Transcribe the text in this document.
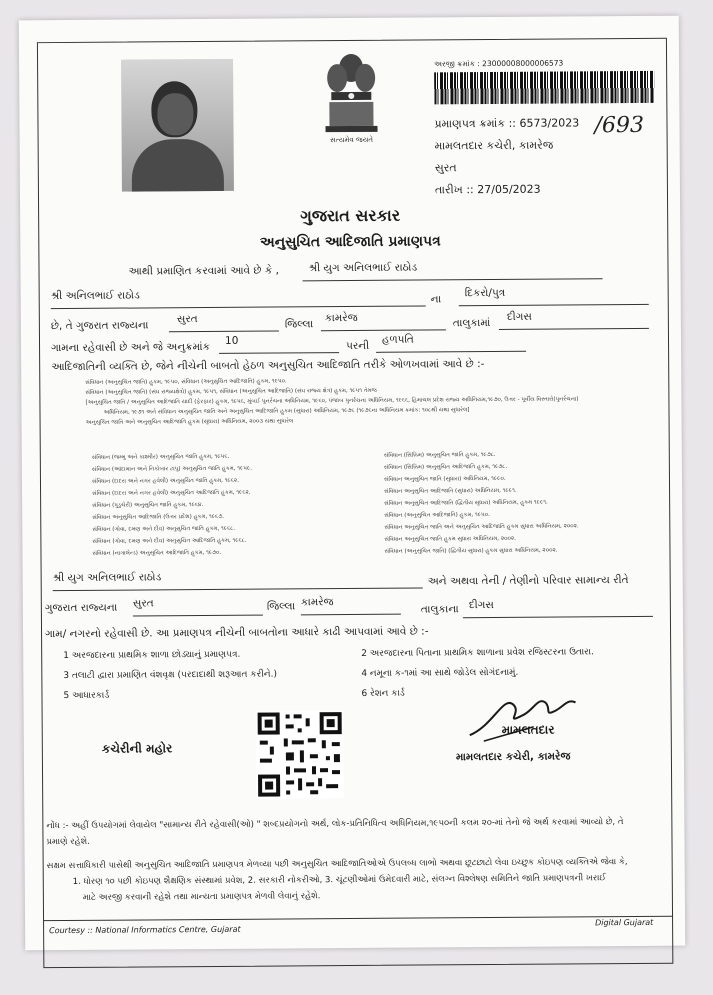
સત્યમેવ જયતે
અરજી ક્રમાંક : 23000008000006573
પ્રમાણપત્ર ક્રમાંક :: 6573/2023
મામલતદાર કચેરી, કામરેજ
સુરત
તારીખ :: 27/05/2023
/693
ગુજરાત સરકાર
અનુસુચિત આદિજાતિ પ્રમાણપત્ર
આથી પ્રમાણિત કરવામાં આવે છે કે ,	શ્રી યુગ અનિલભાઈ રાઠોડ
શ્રી અનિલભાઈ રાઠોડ	ના
દિકરો/પુત્ર
છે, તે ગુજરાત રાજ્યના
સુરત	જિલ્લા
કામરેજ	તાલુકામાં
દીગસ
ગામના રહેવાસી છે અને જે અનુક્રમાંક
10	પરની
હળપતિ
આદિજાતિની વ્યક્તિ છે, જેને નીચેની બાબતો હેઠળ અનુસુચિત આદિજાતિ તરીકે ઓળખવામાં આવે છે :-
સંવિધાન (અનુસુચિત જાતિ) હુકમ, ૧૯૫૦, સંવિધાન (અનુસુચિત આદિજાતિ) હુકમ, ૧૯૫૦.
સંવિધાન (અનુસુચિત જાતિ) (સંઘ રાજ્યક્ષેત્રો) હુકમ, ૧૯૫૧, સંવિધાન (અનુસુચિત આદિજાતિ) (સંઘ રાજ્ય ક્ષેત્ર) હુકમ, ૧૯૫૧ તેમજ
[અનુસુચિત જાતિ / અનુસુચિત આદિજાતિ યાદી (ફેરફાર) હુકમ, ૧૯૫૬, મુંબઈ પુનર્રચના અધિનિયમ, ૧૯૬૦, પંજાબ પુનર્રચના અધિનિયમ, ૧૯૬૬, હિમાચલ પ્રદેશ રાજ્ય અધિનિયમ,૧૯૭૦, ઉત્તર - પૂર્વીય વિસ્તારો(પુનર્રચના)
અધિનિયમ, ૧૯૭૧ અને સંવિધાન અનુસુચિત જાતિ અને અનુસુચિત આદિજાતિ હુકમ (સુધારા) અધિનિયમ, ૧૯૭૬ (૧૯૭૬ના અધિનિયમ ક્રમાંક: ૧૦૮થી યથા સુધારેલ]
અનુસુચિત જાતિ અને અનુસુચિત આદિજાતિ હુકમ (સુધારા) અધિનિયમ, ૨૦૦૩ યથા સુધારેલ
સંવિધાન (જમ્મુ અને કાશ્મીર) અનુસુચિત જાતિ હુકમ, ૧૯૫૬.
સંવિધાન (આંદામાન અને નિકોબાર ટાપુ) અનુસુચિત જાતિ હુકમ, ૧૯૫૯.
સંવિધાન (દાદરા અને નગર હવેલી) અનુસુચિત જાતિ હુકમ, ૧૯૬૨.
સંવિધાન (દાદરા અને નગર હવેલી) અનુસુચિત આદિજાતિ હુકમ, ૧૯૬૨.
સંવિધાન (પુડુચેરી) અનુસુચિત જાતિ હુકમ, ૧૯૬૪.
સંવિધાન અનુસુચિત આદિજાતિ (ઉત્તર પ્રદેશ) હુકમ, ૧૯૬૭.
સંવિધાન (ગોવા, દમણ અને દીવ) અનુસુચિત જાતિ હુકમ, ૧૯૬૮.
સંવિધાન (ગોવા, દમણ અને દીવ) અનુસુચિત આદિજાતિ હુકમ, ૧૯૬૮.
સંવિધાન (નાગાલેન્ડ) અનુસુચિત આદિજાતિ હુકમ, ૧૯૭૦.
સંવિધાન (સિક્કિમ) અનુસુચિત જાતિ હુકમ, ૧૯૭૮.
સંવિધાન (સિક્કિમ) અનુસુચિત આદિજાતિ હુકમ, ૧૯૭૮.
સંવિધાન અનુસુચિત જાતિ (સુધારા) અધિનિયમ, ૧૯૯૦.
સંવિધાન અનુસુચિત આદિજાતિ (સુધારા) અધિનિયમ, ૧૯૯૧.
સંવિધાન અનુસુચિત આદિજાતિ (દ્વિતીય સુધારા) અધિનિયમ, હુકમ ૧૯૯૧.
સંવિધાન (અનુસુચિત આદિજાતિ) હુકમ, ૧૯૫૦.
સંવિધાન અનુસુચિત જાતિ અને અનુસુચિત આદિજાતિ હુકમ સુધારા અધિનિયમ, ૨૦૦૨.
સંવિધાન અનુસુચિત જાતિ હુકમ સુધારા અધિનિયમ, ૨૦૦૨.
સંવિધાન (અનુસુચિત જાતિ) (દ્વિતીય સુધારા) હુકમ સુધારા અધિનિયમ, ૨૦૦૨.
શ્રી યુગ અનિલભાઈ રાઠોડ	અને અથવા તેની / તેણીનો પરિવાર સામાન્ય રીતે
ગુજરાત રાજ્યના સુરત	જિલ્લા કામરેજ
તાલુકાના દીગસ
ગામ/ નગરનો રહેવાસી છે. આ પ્રમાણપત્ર નીચેની બાબતોના આધારે કાઢી આપવામાં આવે છે :-
1 અરજદારના પ્રાથમિક શાળા છોડ્યાનું પ્રમાણપત્ર.
3 તલાટી દ્વારા પ્રમાણિત વંશવૃક્ષ (પરદાદાથી શરૂઆત કરીને.)
5 આધારકાર્ડ
2 અરજદારના પિતાના પ્રાથમિક શાળાના પ્રવેશ રજિસ્ટરના ઉતારા.
4 નમૂના ક-૧માં આ સાથે જોડેલ સોગંદનામું.
6 રેશન કાર્ડ
કચેરીની મહોર
મામલતદાર
મામલતદાર કચેરી, કામરેજ
નોંધ :- અહીં ઉપયોગમાં લેવાયેલ "સામાન્ય રીતે રહેવાસી(ઓ) " શબ્દપ્રયોગનો અર્થ, લોક-પ્રતિનિધિત્વ અધિનિયમ,૧૯૫૦ની કલમ ૨૦-માં તેનો જે અર્થ કરવામાં આવ્યો છે, તે
પ્રમાણે રહેશે.
સક્ષમ સત્તાધિકારી પાસેથી અનુસુચિત આદિજાતિ પ્રમાણપત્ર મેળવ્યા પછી અનુસુચિત આદિજાતિઓએ ઉપલબ્ધ લાભો અથવા છૂટછાટો લેવા ઇચ્છુક કોઇપણ વ્યક્તિએ જેવા કે,
1. ધોરણ ૧૦ પછી કોઇપણ શૈક્ષણિક સંસ્થામાં પ્રવેશ, 2. સરકારી નોકરીઓ, 3. ચૂંટણીઓમાં ઉમેદવારી માટે, સંલગ્ન વિશ્લેષણ સમિતિને જાતિ પ્રમાણપત્રની ખરાઈ
માટે અરજી કરવાની રહેશે તથા માન્યતા પ્રમાણપત્ર મેળવી લેવાનું રહેશે.
Courtesy :: National Informatics Centre, Gujarat
Digital Gujarat
